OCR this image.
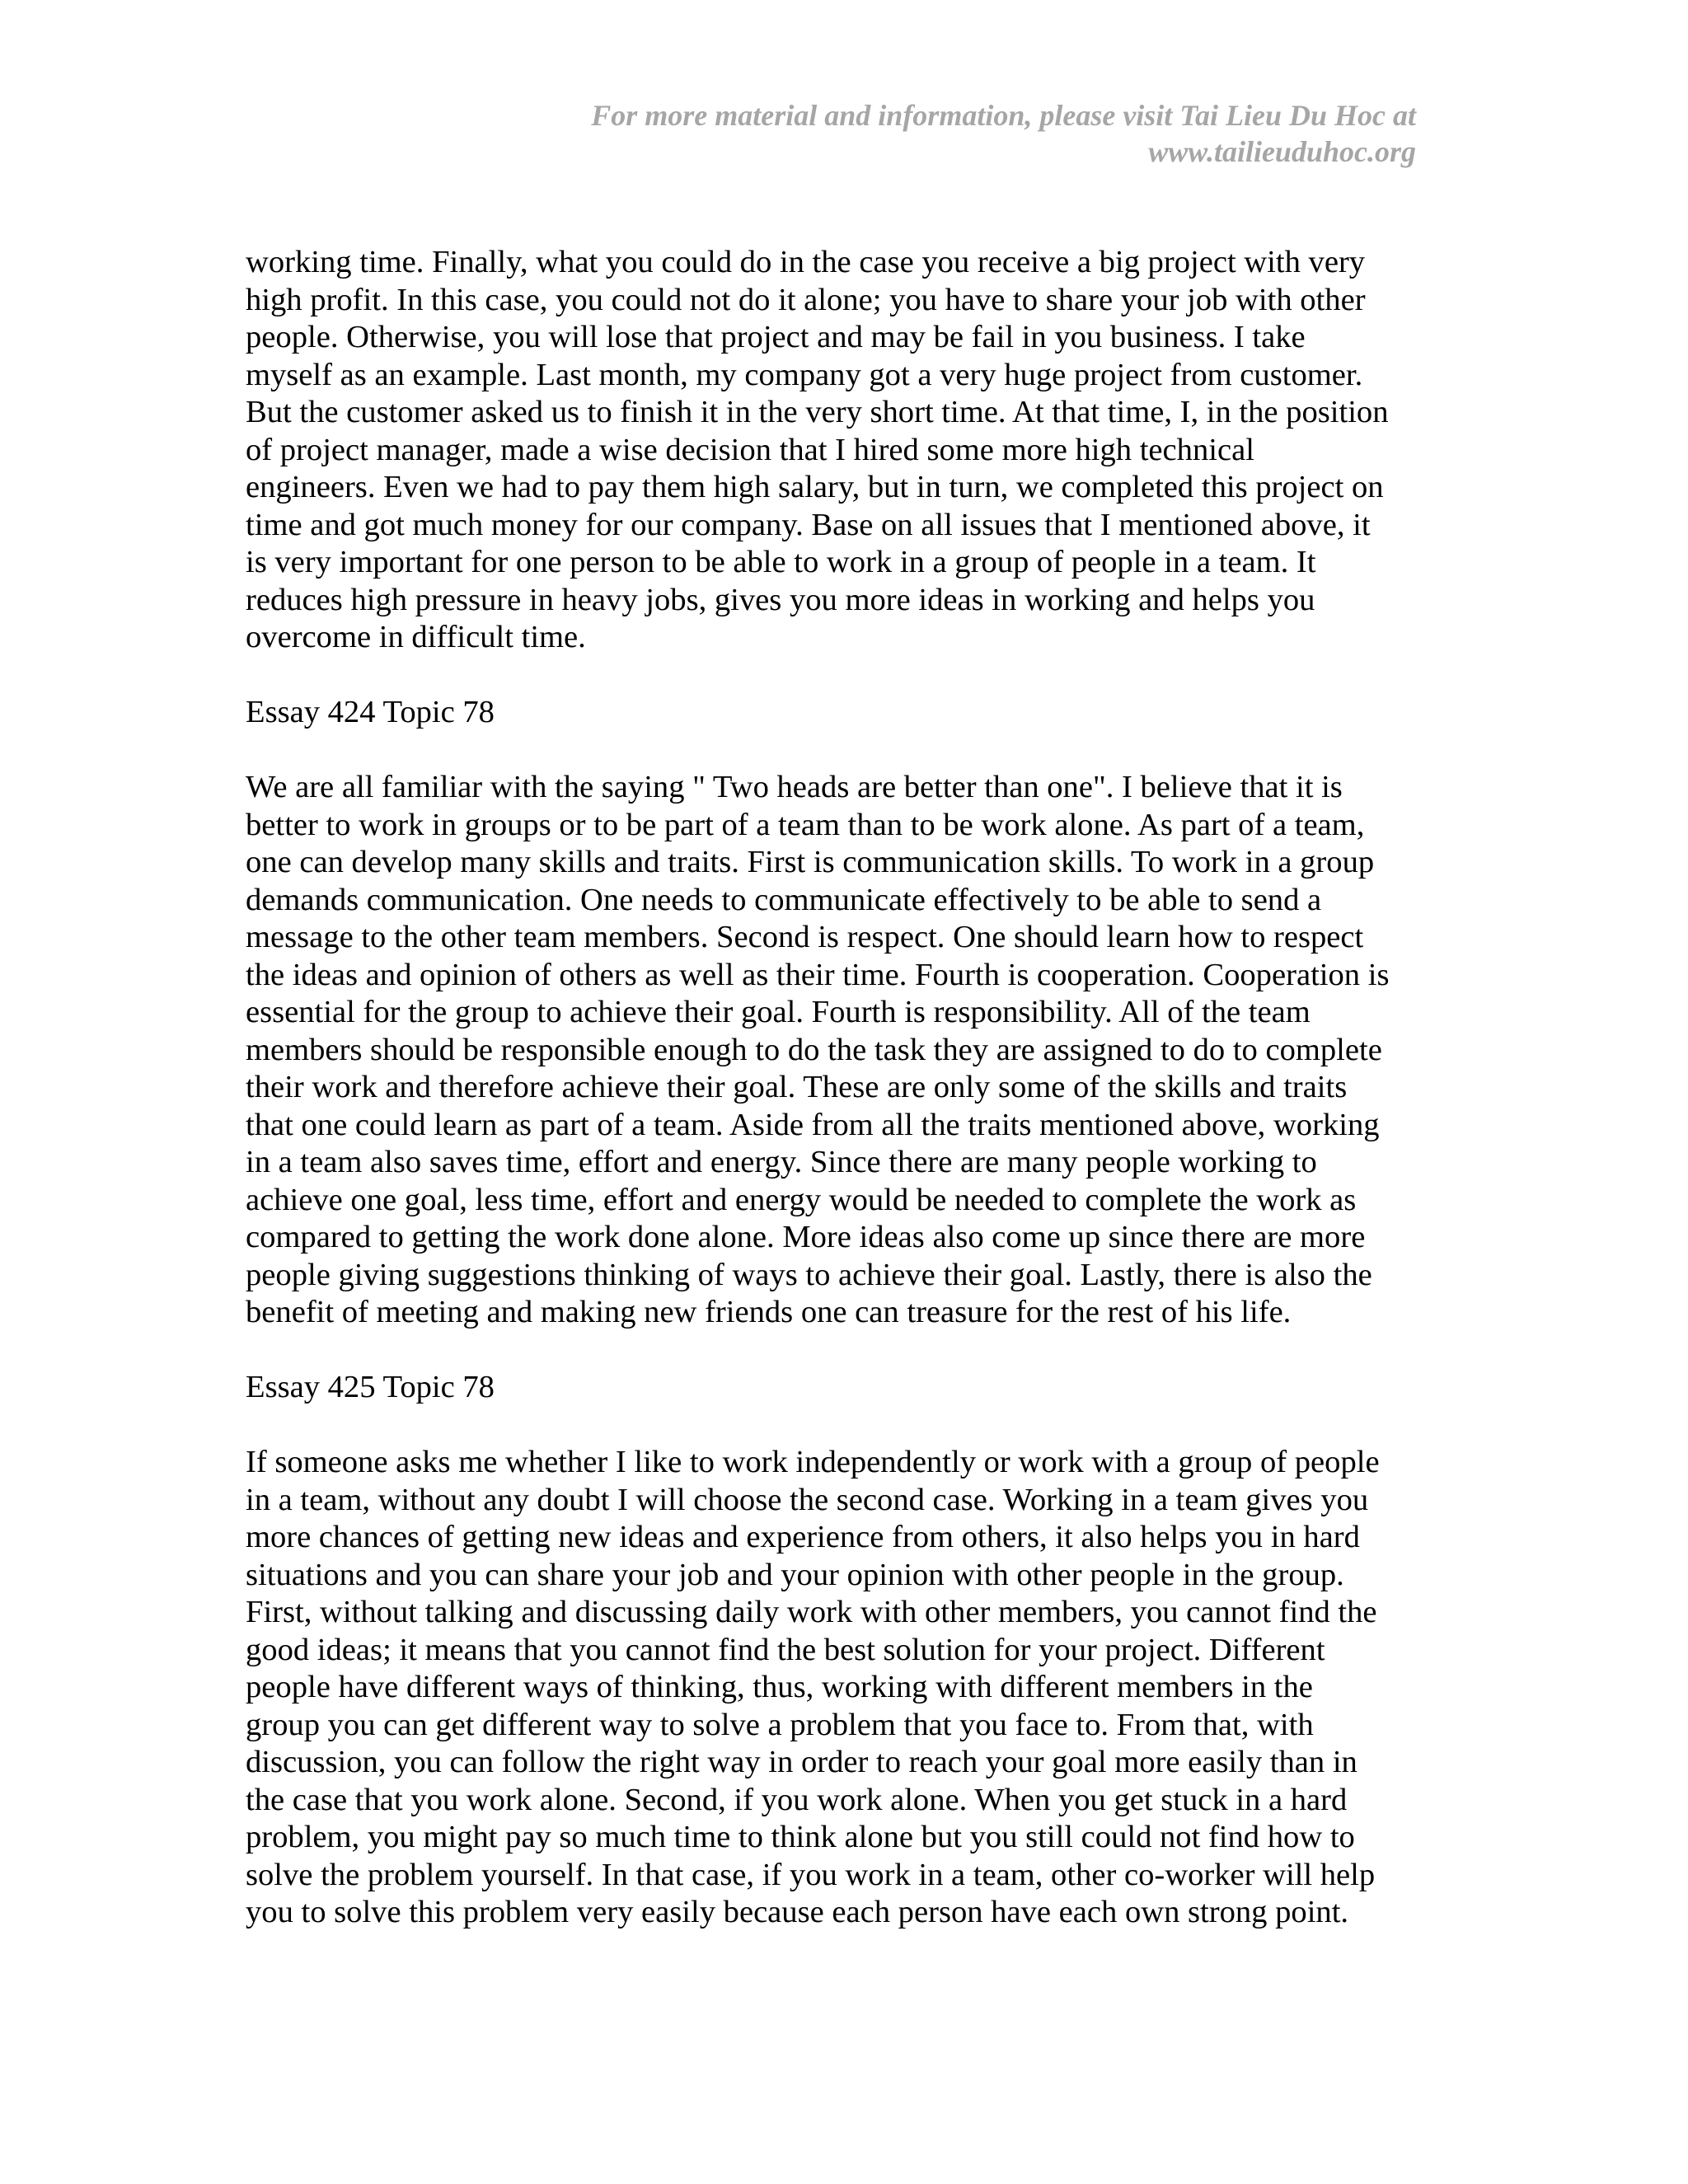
For more material and information, please visit Tai Lieu Du Hoc at
www.tailieuduhoc.org
working time. Finally, what you could do in the case you receive a big project with very
high profit. In this case, you could not do it alone; you have to share your job with other
people. Otherwise, you will lose that project and may be fail in you business. I take
myself as an example. Last month, my company got a very huge project from customer.
But the customer asked us to finish it in the very short time. At that time, I, in the position
of project manager, made a wise decision that I hired some more high technical
engineers. Even we had to pay them high salary, but in turn, we completed this project on
time and got much money for our company. Base on all issues that I mentioned above, it
is very important for one person to be able to work in a group of people in a team. It
reduces high pressure in heavy jobs, gives you more ideas in working and helps you
overcome in difficult time.
Essay 424 Topic 78
We are all familiar with the saying " Two heads are better than one". I believe that it is
better to work in groups or to be part of a team than to be work alone. As part of a team,
one can develop many skills and traits. First is communication skills. To work in a group
demands communication. One needs to communicate effectively to be able to send a
message to the other team members. Second is respect. One should learn how to respect
the ideas and opinion of others as well as their time. Fourth is cooperation. Cooperation is
essential for the group to achieve their goal. Fourth is responsibility. All of the team
members should be responsible enough to do the task they are assigned to do to complete
their work and therefore achieve their goal. These are only some of the skills and traits
that one could learn as part of a team. Aside from all the traits mentioned above, working
in a team also saves time, effort and energy. Since there are many people working to
achieve one goal, less time, effort and energy would be needed to complete the work as
compared to getting the work done alone. More ideas also come up since there are more
people giving suggestions thinking of ways to achieve their goal. Lastly, there is also the
benefit of meeting and making new friends one can treasure for the rest of his life.
Essay 425 Topic 78
If someone asks me whether I like to work independently or work with a group of people
in a team, without any doubt I will choose the second case. Working in a team gives you
more chances of getting new ideas and experience from others, it also helps you in hard
situations and you can share your job and your opinion with other people in the group.
First, without talking and discussing daily work with other members, you cannot find the
good ideas; it means that you cannot find the best solution for your project. Different
people have different ways of thinking, thus, working with different members in the
group you can get different way to solve a problem that you face to. From that, with
discussion, you can follow the right way in order to reach your goal more easily than in
the case that you work alone. Second, if you work alone. When you get stuck in a hard
problem, you might pay so much time to think alone but you still could not find how to
solve the problem yourself. In that case, if you work in a team, other co-worker will help
you to solve this problem very easily because each person have each own strong point.
